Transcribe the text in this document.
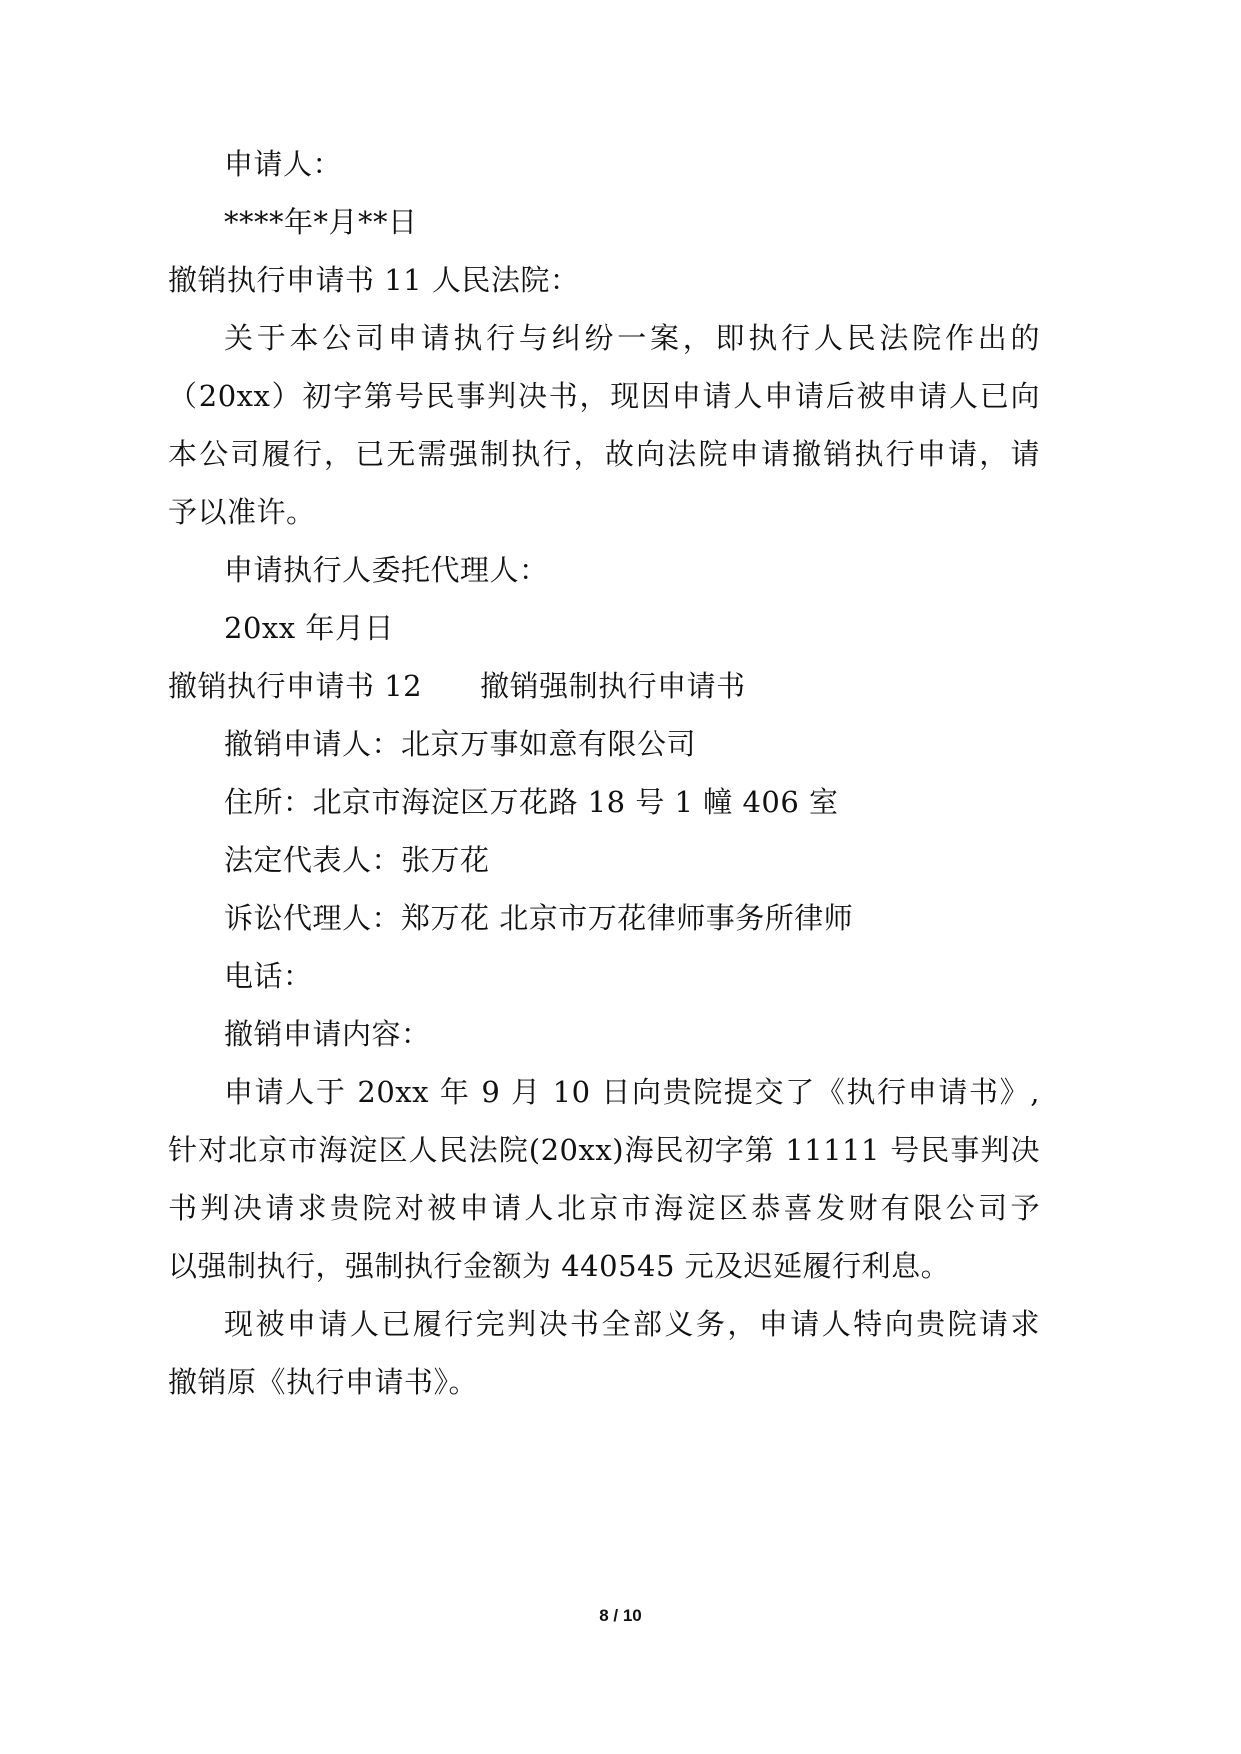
申请人：
****年*月**日
撤销执行申请书 11 人民法院：
关于本公司申请执行与纠纷一案，即执行人民法院作出的
（20xx）初字第号民事判决书，现因申请人申请后被申请人已向
本公司履行，已无需强制执行，故向法院申请撤销执行申请，请
予以准许。
申请执行人委托代理人：
20xx 年月日
撤销执行申请书 12 撤销强制执行申请书
撤销申请人：北京万事如意有限公司
住所：北京市海淀区万花路 18 号 1 幢 406 室
法定代表人：张万花
诉讼代理人：郑万花 北京市万花律师事务所律师
电话：
撤销申请内容：
申请人于 20xx 年 9 月 10 日向贵院提交了《执行申请书》,
针对北京市海淀区人民法院(20xx)海民初字第 11111 号民事判决
书判决请求贵院对被申请人北京市海淀区恭喜发财有限公司予
以强制执行，强制执行金额为 440545 元及迟延履行利息。
现被申请人已履行完判决书全部义务，申请人特向贵院请求
撤销原《执行申请书》。
8 / 10
